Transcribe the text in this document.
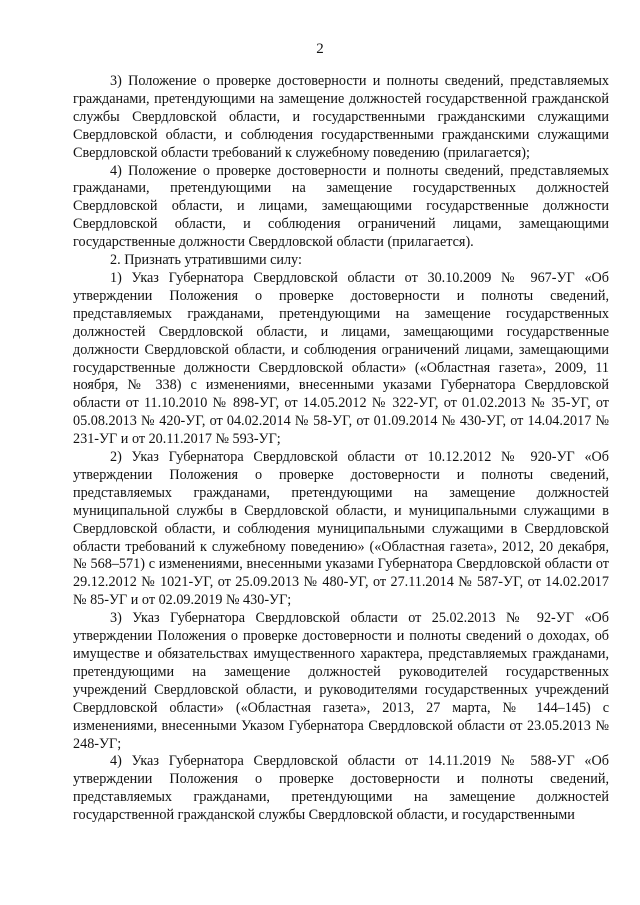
2

3) Положение о проверке достоверности и полноты сведений, представляемых гражданами, претендующими на замещение должностей государственной гражданской службы Свердловской области, и государственными гражданскими служащими Свердловской области, и соблюдения государственными гражданскими служащими Свердловской области требований к служебному поведению (прилагается);

4) Положение о проверке достоверности и полноты сведений, представляемых гражданами, претендующими на замещение государственных должностей Свердловской области, и лицами, замещающими государственные должности Свердловской области, и соблюдения ограничений лицами, замещающими государственные должности Свердловской области (прилагается).

2. Признать утратившими силу:

1) Указ Губернатора Свердловской области от 30.10.2009 № 967-УГ «Об утверждении Положения о проверке достоверности и полноты сведений, представляемых гражданами, претендующими на замещение государственных должностей Свердловской области, и лицами, замещающими государственные должности Свердловской области, и соблюдения ограничений лицами, замещающими государственные должности Свердловской области» («Областная газета», 2009, 11 ноября, № 338) с изменениями, внесенными указами Губернатора Свердловской области от 11.10.2010 № 898-УГ, от 14.05.2012 № 322-УГ, от 01.02.2013 № 35-УГ, от 05.08.2013 № 420-УГ, от 04.02.2014 № 58-УГ, от 01.09.2014 № 430-УГ, от 14.04.2017 № 231-УГ и от 20.11.2017 № 593-УГ;

2) Указ Губернатора Свердловской области от 10.12.2012 № 920-УГ «Об утверждении Положения о проверке достоверности и полноты сведений, представляемых гражданами, претендующими на замещение должностей муниципальной службы в Свердловской области, и муниципальными служащими в Свердловской области, и соблюдения муниципальными служащими в Свердловской области требований к служебному поведению» («Областная газета», 2012, 20 декабря, № 568–571) с изменениями, внесенными указами Губернатора Свердловской области от 29.12.2012 № 1021-УГ, от 25.09.2013 № 480-УГ, от 27.11.2014 № 587-УГ, от 14.02.2017 № 85-УГ и от 02.09.2019 № 430-УГ;

3) Указ Губернатора Свердловской области от 25.02.2013 № 92-УГ «Об утверждении Положения о проверке достоверности и полноты сведений о доходах, об имуществе и обязательствах имущественного характера, представляемых гражданами, претендующими на замещение должностей руководителей государственных учреждений Свердловской области, и руководителями государственных учреждений Свердловской области» («Областная газета», 2013, 27 марта, № 144–145) с изменениями, внесенными Указом Губернатора Свердловской области от 23.05.2013 № 248-УГ;

4) Указ Губернатора Свердловской области от 14.11.2019 № 588-УГ «Об утверждении Положения о проверке достоверности и полноты сведений, представляемых гражданами, претендующими на замещение должностей государственной гражданской службы Свердловской области, и государственными
